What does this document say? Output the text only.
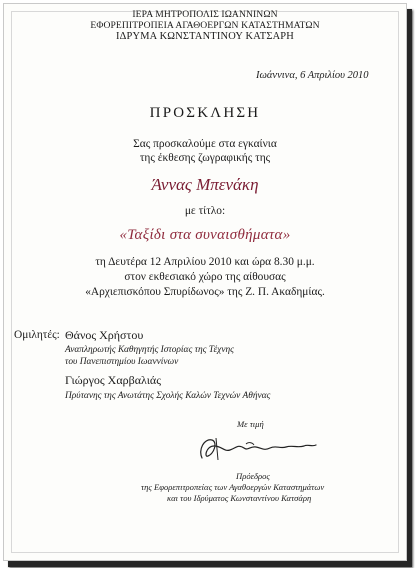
ΙΕΡΑ ΜΗΤΡΟΠΟΛΙΣ ΙΩΑΝΝΙΝΩΝ
ΕΦΟΡΕΠΙΤΡΟΠΕΙΑ ΑΓΑΘΟΕΡΓΩΝ ΚΑΤΑΣΤΗΜΑΤΩΝ
ΙΔΡΥΜΑ ΚΩΝΣΤΑΝΤΙΝΟΥ ΚΑΤΣΑΡΗ
Ιωάννινα, 6 Απριλίου 2010
ΠΡΟΣΚΛΗΣΗ
Σας προσκαλούμε στα εγκαίνια
της έκθεσης ζωγραφικής της
Άννας Μπενάκη
με τίτλο:
«Ταξίδι στα συναισθήματα»
τη Δευτέρα 12 Απριλίου 2010 και ώρα 8.30 μ.μ.
στον εκθεσιακό χώρο της αίθουσας
«Αρχιεπισκόπου Σπυρίδωνος» της Ζ. Π. Ακαδημίας.
Ομιλητές: Θάνος Χρήστου
Αναπληρωτής Καθηγητής Ιστορίας της Τέχνης
του Πανεπιστημίου Ιωαννίνων
Γιώργος Χαρβαλιάς
Πρύτανης της Ανωτάτης Σχολής Καλών Τεχνών Αθήνας
Με τιμή
Πρόεδρος
της Εφορεπιτροπείας των Αγαθοεργών Καταστημάτων
και του Ιδρύματος Κωνσταντίνου Κατσάρη
